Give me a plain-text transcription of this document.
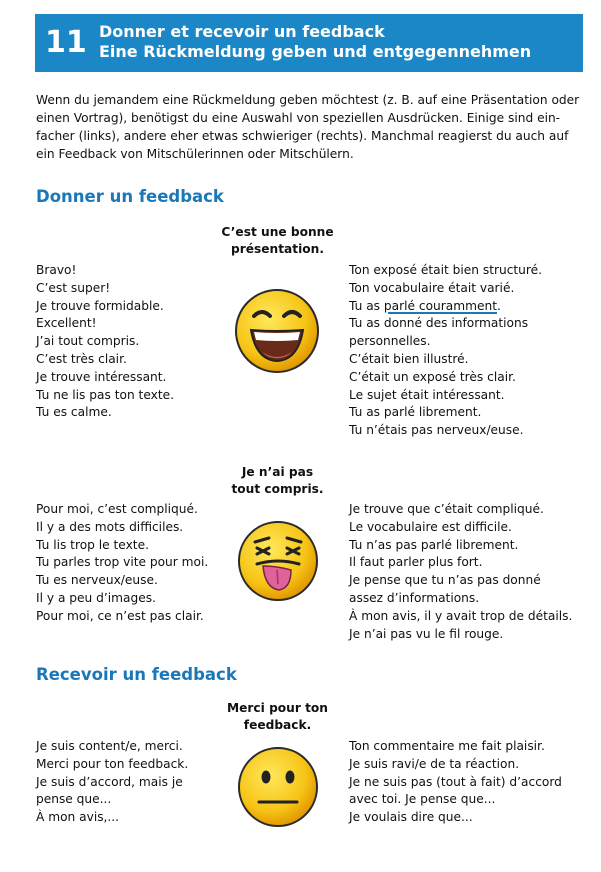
11 Donner et recevoir un feedback
Eine Rückmeldung geben und entgegennehmen
Wenn du jemandem eine Rückmeldung geben möchtest (z. B. auf eine Präsentation oder
einen Vortrag), benötigst du eine Auswahl von speziellen Ausdrücken. Einige sind ein-
facher (links), andere eher etwas schwieriger (rechts). Manchmal reagierst du auch auf
ein Feedback von Mitschülerinnen oder Mitschülern.
Donner un feedback
C’est une bonne
présentation.
Bravo!
C’est super!
Je trouve formidable.
Excellent!
J’ai tout compris.
C’est très clair.
Je trouve intéressant.
Tu ne lis pas ton texte.
Tu es calme.
Ton exposé était bien structuré.
Ton vocabulaire était varié.
Tu as parlé couramment.
Tu as donné des informations
personnelles.
C’était bien illustré.
C’était un exposé très clair.
Le sujet était intéressant.
Tu as parlé librement.
Tu n’étais pas nerveux/euse.
Je n’ai pas
tout compris.
Pour moi, c’est compliqué.
Il y a des mots difficiles.
Tu lis trop le texte.
Tu parles trop vite pour moi.
Tu es nerveux/euse.
Il y a peu d’images.
Pour moi, ce n’est pas clair.
Je trouve que c’était compliqué.
Le vocabulaire est difficile.
Tu n’as pas parlé librement.
Il faut parler plus fort.
Je pense que tu n’as pas donné
assez d’informations.
À mon avis, il y avait trop de détails.
Je n’ai pas vu le fil rouge.
Recevoir un feedback
Merci pour ton
feedback.
Je suis content/e, merci.
Merci pour ton feedback.
Je suis d’accord, mais je
pense que...
À mon avis,...
Ton commentaire me fait plaisir.
Je suis ravi/e de ta réaction.
Je ne suis pas (tout à fait) d’accord
avec toi. Je pense que...
Je voulais dire que...
